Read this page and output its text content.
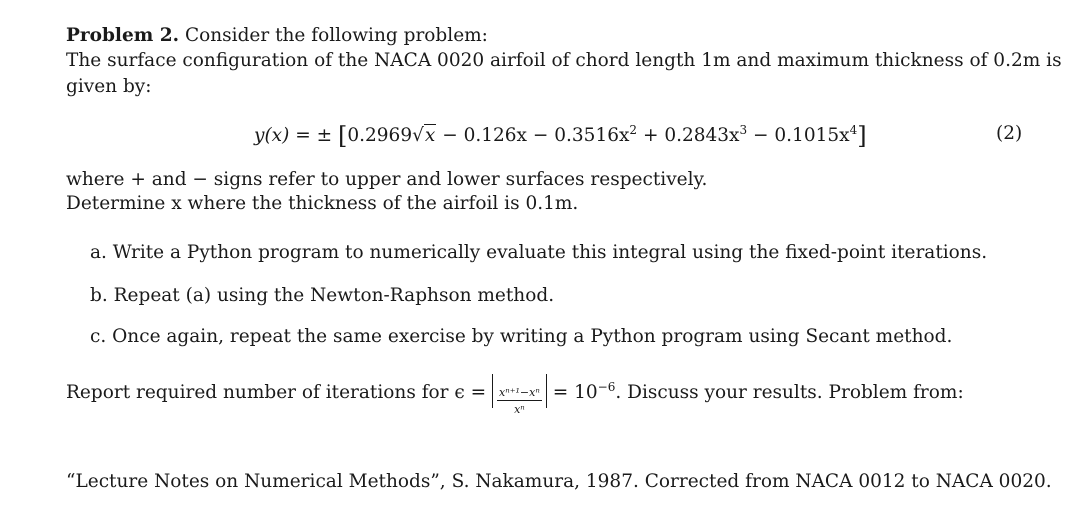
Problem 2. Consider the following problem:
The surface configuration of the NACA 0020 airfoil of chord length 1m and maximum thickness of 0.2m is
given by:
y(x) = ± $[0.2969√x - 0.126x - 0.3516x^2 + 0.2843x^3 - 0.1015x^4]$	(2)
where + and − signs refer to upper and lower surfaces respectively.
Determine x where the thickness of the airfoil is 0.1m.
a. Write a Python program to numerically evaluate this integral using the fixed-point iterations.
b. Repeat (a) using the Newton-Raphson method.
c. Once again, repeat the same exercise by writing a Python program using Secant method.
Report required number of iterations for $\epsilon = \frac{\text{xⁿ⁺¹−xⁿ}}{\text{xⁿ}} = 10^{-6}$. Discuss your results. Problem from:
“Lecture Notes on Numerical Methods”, S. Nakamura, 1987. Corrected from NACA 0012 to NACA 0020.
